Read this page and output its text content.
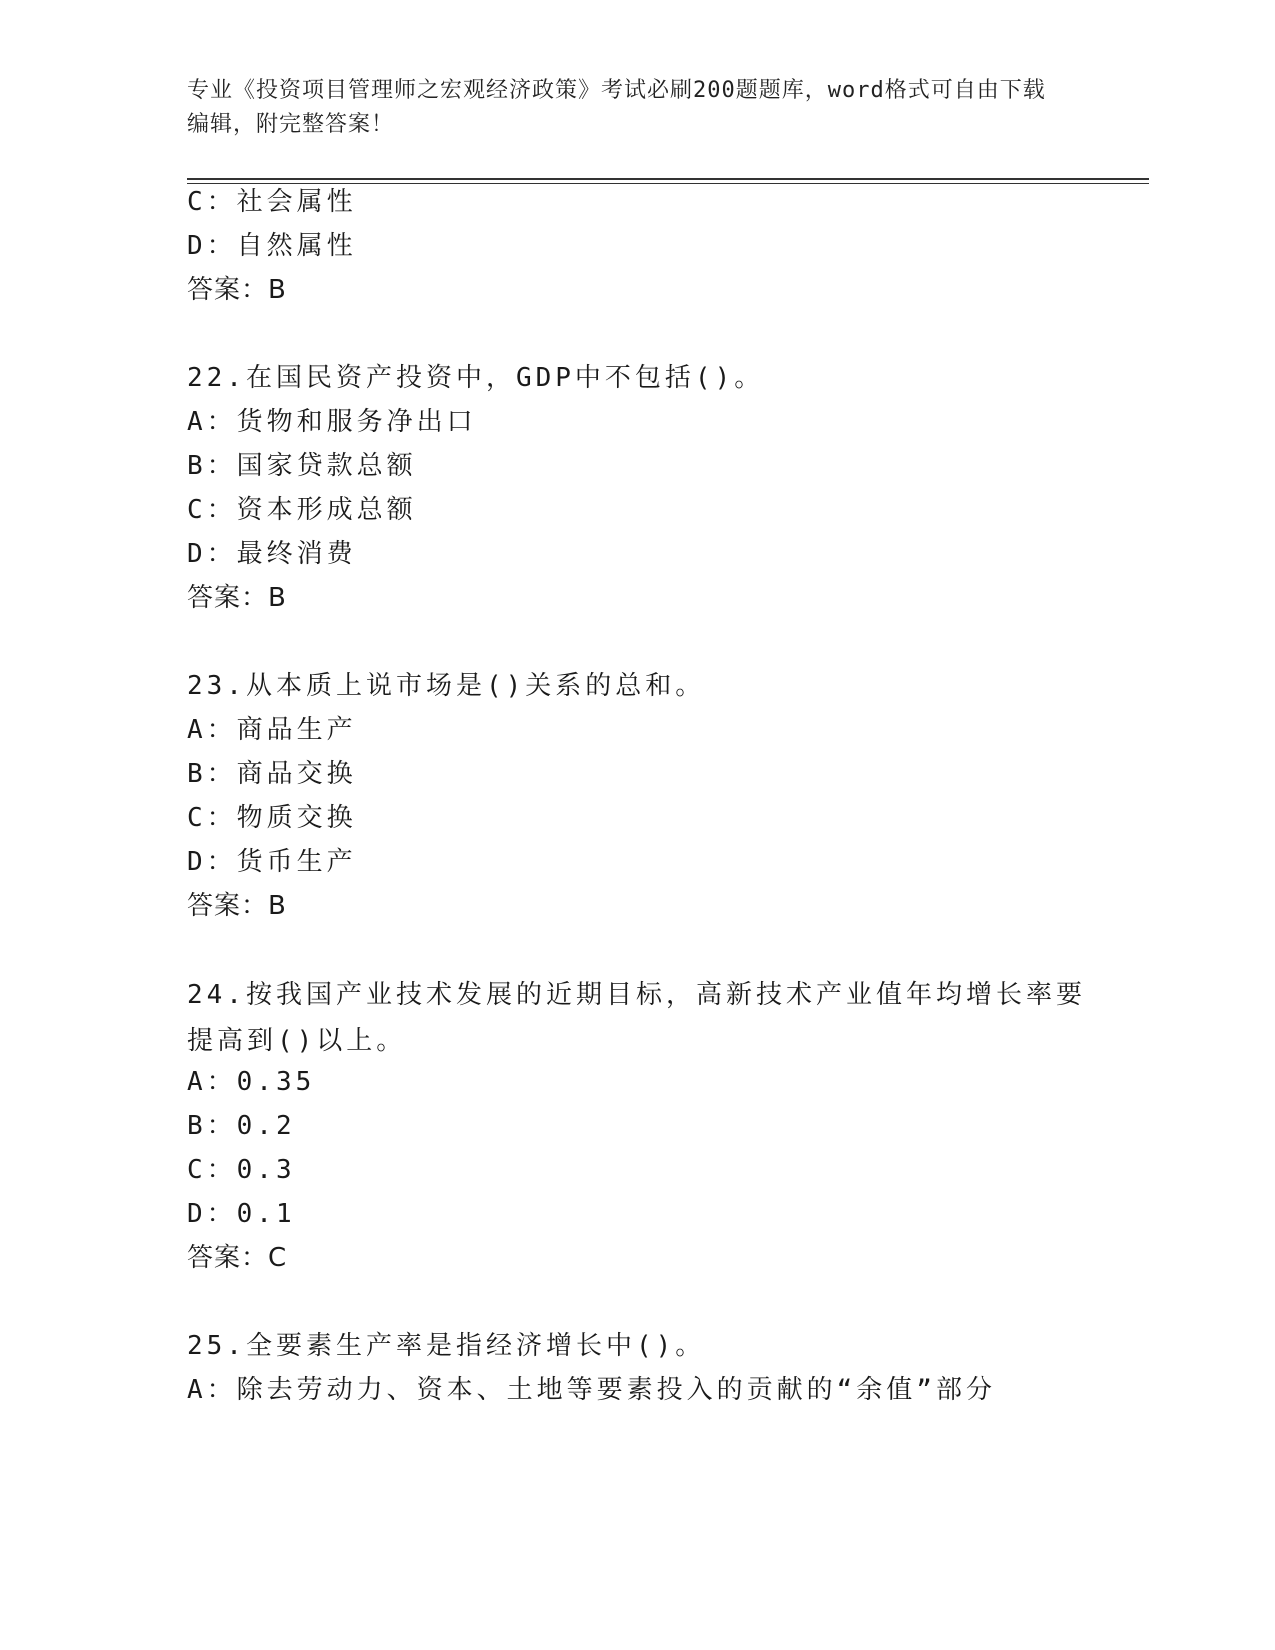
专业《投资项目管理师之宏观经济政策》考试必刷200题题库，word格式可自由下载编辑，附完整答案！
C：社会属性
D：自然属性
答案：B
22.在国民资产投资中，GDP中不包括()。
A：货物和服务净出口
B：国家贷款总额
C：资本形成总额
D：最终消费
答案：B
23.从本质上说市场是()关系的总和。
A：商品生产
B：商品交换
C：物质交换
D：货币生产
答案：B
24.按我国产业技术发展的近期目标，高新技术产业值年均增长率要提高到()以上。
A：0.35
B：0.2
C：0.3
D：0.1
答案：C
25.全要素生产率是指经济增长中()。
A：除去劳动力、资本、土地等要素投入的贡献的“余值”部分
